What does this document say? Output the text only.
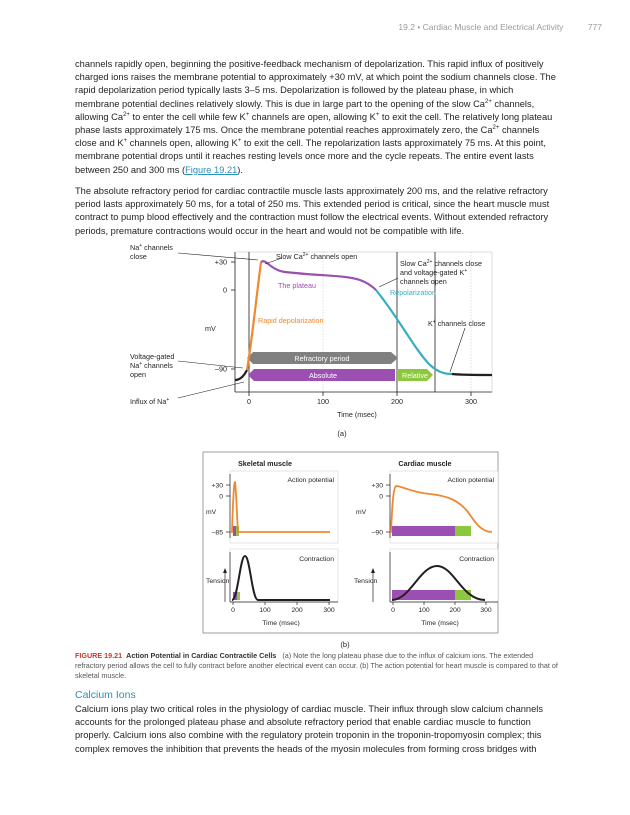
19.2 • Cardiac Muscle and Electrical Activity	777
channels rapidly open, beginning the positive-feedback mechanism of depolarization. This rapid influx of positively charged ions raises the membrane potential to approximately +30 mV, at which point the sodium channels close. The rapid depolarization period typically lasts 3–5 ms. Depolarization is followed by the plateau phase, in which membrane potential declines relatively slowly. This is due in large part to the opening of the slow $Ca^{2+}$ channels, allowing $Ca^{2+}$ to enter the cell while few K+ channels are open, allowing K+ to exit the cell. The relatively long plateau phase lasts approximately 175 ms. Once the membrane potential reaches approximately zero, the $Ca^{2+}$ channels close and K+ channels open, allowing K+ to exit the cell. The repolarization lasts approximately 75 ms. At this point, membrane potential drops until it reaches resting levels once more and the cycle repeats. The entire event lasts between 250 and 300 ms (Figure 19.21).
The absolute refractory period for cardiac contractile muscle lasts approximately 200 ms, and the relative refractory period lasts approximately 50 ms, for a total of 250 ms. This extended period is critical, since the heart muscle must contract to pump blood effectively and the contraction must follow the electrical events. Without extended refractory periods, premature contractions would occur in the heart and would not be compatible with life.
+30
0
–90
0	100	200	300
mV
Time (msec)
Refractory period
Absolute	Relative
Na+ channels
close	Slow $Ca^{2+}$ channels open
Slow $Ca^{2+}$ channels close
and voltage-gated K+
channels open
The plateau
Repolarization
Rapid depolarization	K+ channels close
Voltage-gated
Na+ channels
open
Influx of Na+
(a)
Skeletal muscle	Cardiac muscle
+30
0
–85
mV
Action potential
Contraction
Tension
0	100	200	300
Time (msec)
+30
0
–90
mV
Action potential
Contraction
Tension
0	100	200	300
Time (msec)
(b)
FIGURE 19.21 Action Potential in Cardiac Contractile Cells (a) Note the long plateau phase due to the influx of calcium ions. The extended refractory period allows the cell to fully contract before another electrical event can occur. (b) The action potential for heart muscle is compared to that of skeletal muscle.
Calcium Ions
Calcium ions play two critical roles in the physiology of cardiac muscle. Their influx through slow calcium channels accounts for the prolonged plateau phase and absolute refractory period that enable cardiac muscle to function properly. Calcium ions also combine with the regulatory protein troponin in the troponin-tropomyosin complex; this complex removes the inhibition that prevents the heads of the myosin molecules from forming cross bridges with
